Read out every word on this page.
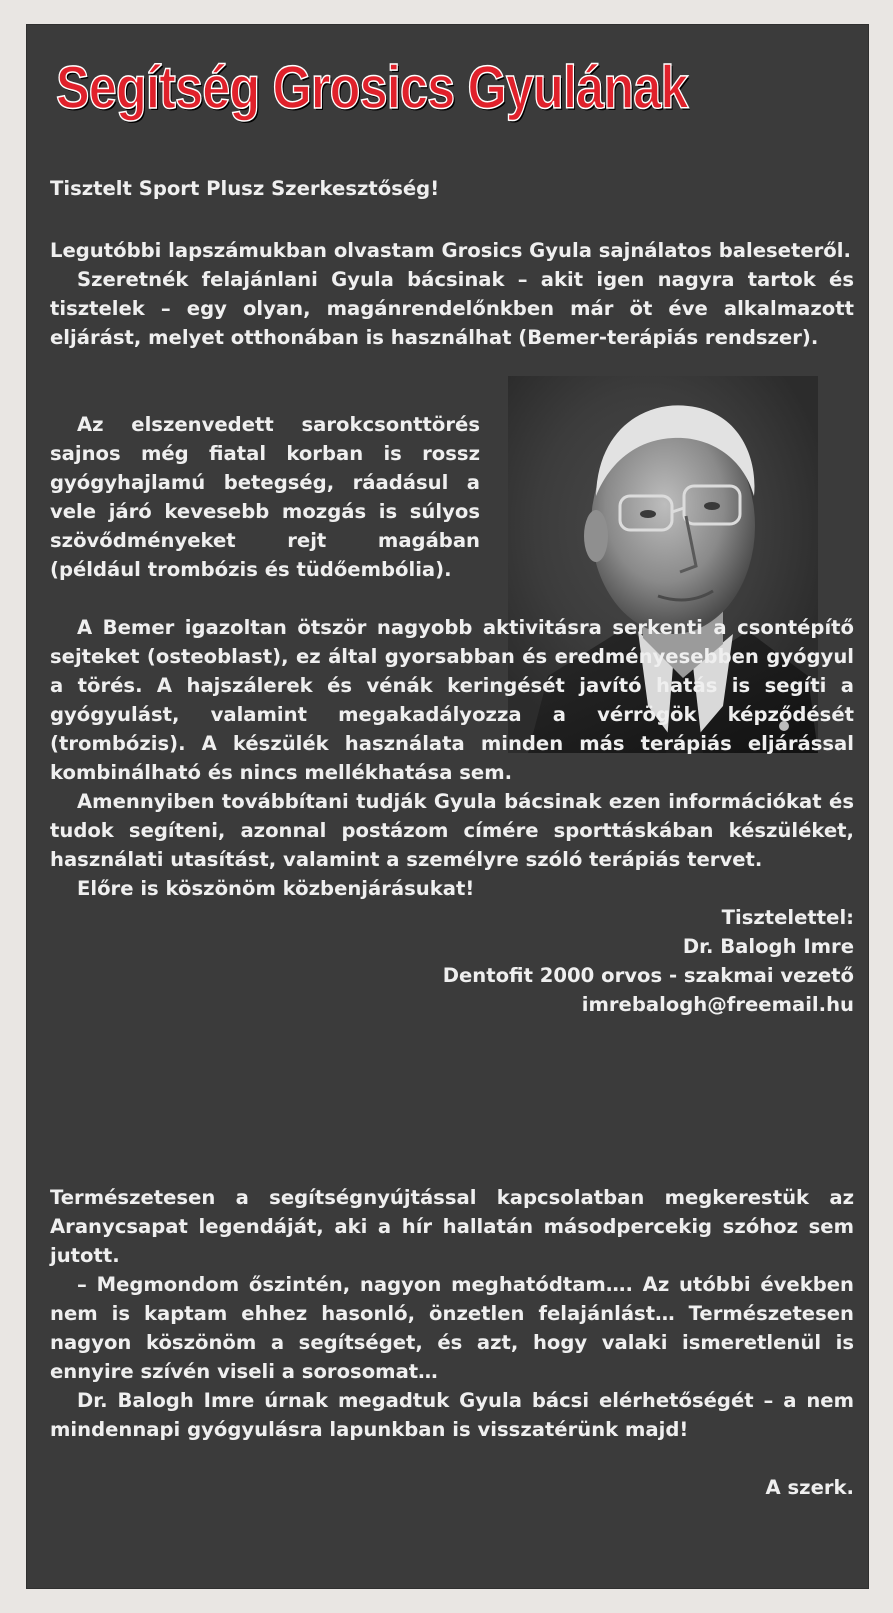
Segítség Grosics Gyulának

Tisztelt Sport Plusz Szerkesztőség!

Legutóbbi lapszámukban olvastam Grosics Gyula sajnálatos baleseteről.

Szeretnék felajánlani Gyula bácsinak – akit igen nagyra tartok és tisztelek – egy olyan, magánrendelőnkben már öt éve alkalmazott eljárást, melyet otthonában is használhat (Bemer-terápiás rendszer).

Az elszenvedett sarokcsonttörés sajnos még fiatal korban is rossz gyógyhajlamú betegség, ráadásul a vele járó kevesebb mozgás is súlyos szövődményeket rejt magában (például trombózis és tüdőembólia).

A Bemer igazoltan ötször nagyobb aktivitásra serkenti a csontépítő sejteket (osteoblast), ez által gyorsabban és eredményesebben gyógyul a törés. A hajszálerek és vénák keringését javító hatás is segíti a gyógyulást, valamint megakadályozza a vérrögök képződését (trombózis). A készülék használata minden más terápiás eljárással kombinálható és nincs mellékhatása sem.

Amennyiben továbbítani tudják Gyula bácsinak ezen információkat és tudok segíteni, azonnal postázom címére sporttáskában készüléket, használati utasítást, valamint a személyre szóló terápiás tervet.

Előre is köszönöm közbenjárásukat!

Tisztelettel:

Dr. Balogh Imre

Dentofit 2000 orvos - szakmai vezető

imrebalogh@freemail.hu

Természetesen a segítségnyújtással kapcsolatban megkerestük az Aranycsapat legendáját, aki a hír hallatán másodpercekig szóhoz sem jutott.

– Megmondom őszintén, nagyon meghatódtam…. Az utóbbi években nem is kaptam ehhez hasonló, önzetlen felajánlást… Természetesen nagyon köszönöm a segítséget, és azt, hogy valaki ismeretlenül is ennyire szívén viseli a sorosomat…

Dr. Balogh Imre úrnak megadtuk Gyula bácsi elérhetőségét – a nem mindennapi gyógyulásra lapunkban is visszatérünk majd!

A szerk.
